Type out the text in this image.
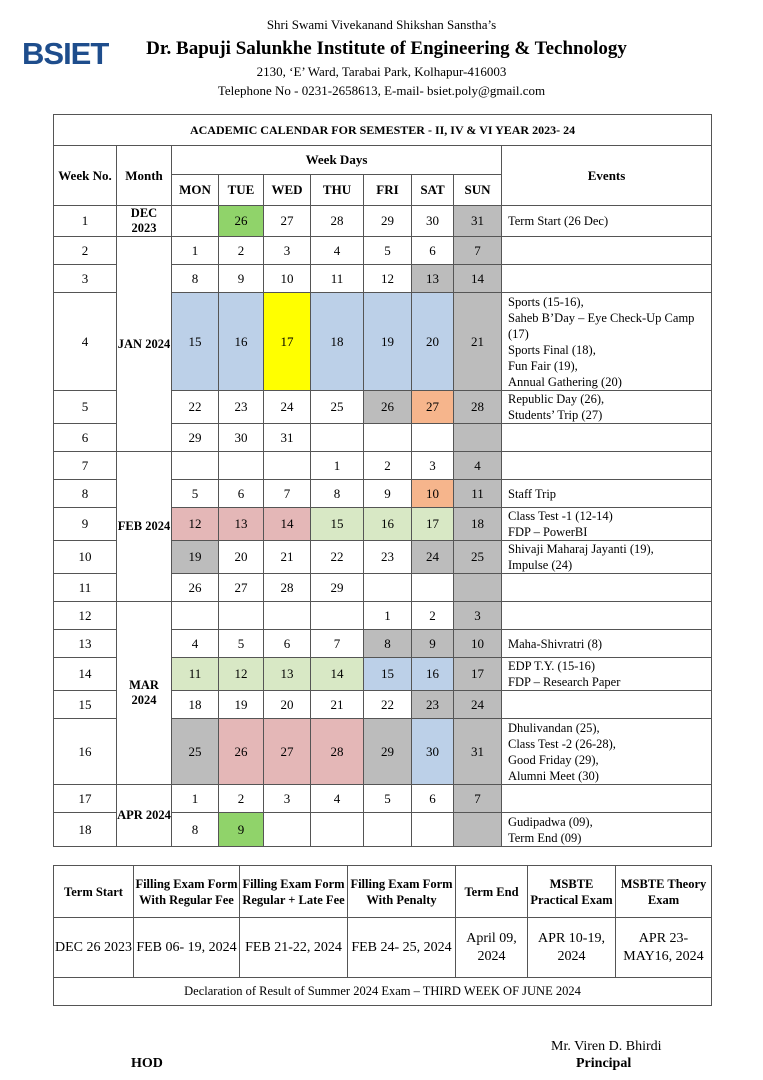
BSIET
Shri Swami Vivekanand Shikshan Sanstha’s
Dr. Bapuji Salunkhe Institute of Engineering & Technology
2130, ‘E’ Ward, Tarabai Park, Kolhapur-416003
Telephone No - 0231-2658613, E-mail- bsiet.poly@gmail.com
ACADEMIC CALENDAR FOR SEMESTER - II, IV & VI YEAR 2023- 24									
Week No.	Month	Week Days							Events
		MON	TUE	WED	THU	FRI	SAT	SUN	
1	DEC 2023		26	27	28	29	30	31	Term Start (26 Dec)
2	JAN 2024	1	2	3	4	5	6	7	
3		8	9	10	11	12	13	14	
4		15	16	17	18	19	20	21	Sports (15-16),
Saheb B’Day – Eye Check-Up Camp (17)
Sports Final (18),
Fun Fair (19),
Annual Gathering (20)
5		22	23	24	25	26	27	28	Republic Day (26),
Students’ Trip (27)
6		29	30	31					
7	FEB 2024				1	2	3	4	
8		5	6	7	8	9	10	11	Staff Trip
9		12	13	14	15	16	17	18	Class Test -1 (12-14)
FDP – PowerBI
10		19	20	21	22	23	24	25	Shivaji Maharaj Jayanti (19),
Impulse (24)
11		26	27	28	29				
12	MAR 2024					1	2	3	
13		4	5	6	7	8	9	10	Maha-Shivratri (8)
14		11	12	13	14	15	16	17	EDP T.Y. (15-16)
FDP – Research Paper
15		18	19	20	21	22	23	24	
16		25	26	27	28	29	30	31	Dhulivandan (25),
Class Test -2 (26-28),
Good Friday (29),
Alumni Meet (30)
17	APR 2024	1	2	3	4	5	6	7	
18		8	9						Gudipadwa (09),
Term End (09)
Term Start	Filling Exam Form With Regular Fee	Filling Exam Form Regular + Late Fee	Filling Exam Form With Penalty	Term End	MSBTE Practical Exam	MSBTE Theory Exam
DEC 26 2023	FEB 06- 19, 2024	FEB 21-22, 2024	FEB 24- 25, 2024	April 09, 2024	APR 10-19, 2024	APR 23- MAY16, 2024
Declaration of Result of Summer 2024 Exam – THIRD WEEK OF JUNE 2024						
HOD
Mr. Viren D. Bhirdi
Principal
